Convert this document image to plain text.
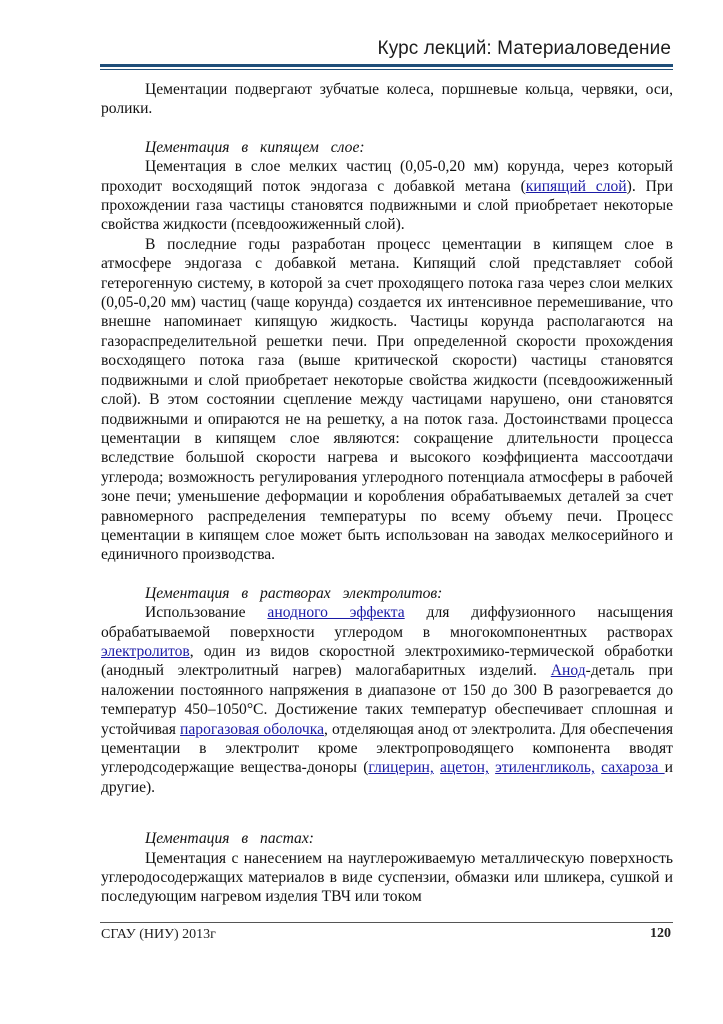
Курс лекций: Материаловедение

Цементации подвергают зубчатые колеса, поршневые кольца, червяки, оси, ролики.

Цементация в кипящем слое:

Цементация в слое мелких частиц (0,05-0,20 мм) корунда, через который проходит восходящий поток эндогаза с добавкой метана (кипящий слой). При прохождении газа частицы становятся подвижными и слой приобретает некоторые свойства жидкости (псевдоожиженный слой).

В последние годы разработан процесс цементации в кипящем слое в атмосфере эндогаза с добавкой метана. Кипящий слой представляет собой гетерогенную систему, в которой за счет проходящего потока газа через слои мелких (0,05-0,20 мм) частиц (чаще корунда) создается их интенсивное перемешивание, что внешне напоминает кипящую жидкость. Частицы корунда располагаются на газораспределительной решетки печи. При определенной скорости прохождения восходящего потока газа (выше критической скорости) частицы становятся подвижными и слой приобретает некоторые свойства жидкости (псевдоожиженный слой). В этом состоянии сцепление между частицами нарушено, они становятся подвижными и опираются не на решетку, а на поток газа. Достоинствами процесса цементации в кипящем слое являются: сокращение длительности процесса вследствие большой скорости нагрева и высокого коэффициента массоотдачи углерода; возможность регулирования углеродного потенциала атмосферы в рабочей зоне печи; уменьшение деформации и коробления обрабатываемых деталей за счет равномерного распределения температуры по всему объему печи. Процесс цементации в кипящем слое может быть использован на заводах мелкосерийного и единичного производства.

Цементация в растворах электролитов:

Использование анодного эффекта для диффузионного насыщения обрабатываемой поверхности углеродом в многокомпонентных растворах электролитов, один из видов скоростной электрохимико-термической обработки (анодный электролитный нагрев) малогабаритных изделий. Анод-деталь при наложении постоянного напряжения в диапазоне от 150 до 300 В разогревается до температур 450–1050°С. Достижение таких температур обеспечивает сплошная и устойчивая парогазовая оболочка, отделяющая анод от электролита. Для обеспечения цементации в электролит кроме электропроводящего компонента вводят углеродсодержащие вещества-доноры (глицерин, ацетон, этиленгликоль, сахароза и другие).

Цементация в пастах:

Цементация с нанесением на науглероживаемую металлическую поверхность углеродосодержащих материалов в виде суспензии, обмазки или шликера, сушкой и последующим нагревом изделия ТВЧ или током

СГАУ (НИУ) 2013г	120
